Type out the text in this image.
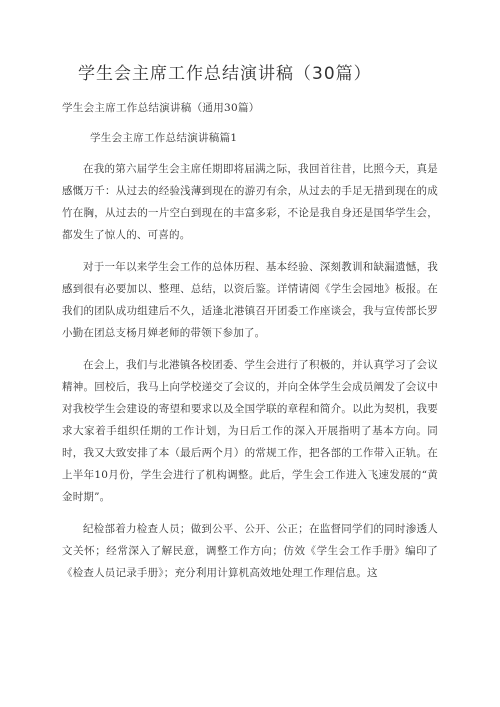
学生会主席工作总结演讲稿（30篇）
学生会主席工作总结演讲稿（通用30篇）
学生会主席工作总结演讲稿篇1

在我的第六届学生会主席任期即将届满之际，我回首往昔，比照今天，真是感慨万千：从过去的经验浅薄到现在的游刃有余，从过去的手足无措到现在的成竹在胸，从过去的一片空白到现在的丰富多彩，不论是我自身还是国华学生会，都发生了惊人的、可喜的。

对于一年以来学生会工作的总体历程、基本经验、深刻教训和缺漏遗憾，我感到很有必要加以、整理、总结，以资后鉴。详情请阅《学生会园地》板报。在我们的团队成功组建后不久，适逢北港镇召开团委工作座谈会，我与宣传部长罗小勤在团总支杨月婵老师的带领下参加了。

在会上，我们与北港镇各校团委、学生会进行了积极的，并认真学习了会议精神。回校后，我马上向学校递交了会议的，并向全体学生会成员阐发了会议中对我校学生会建设的寄望和要求以及全国学联的章程和简介。以此为契机，我要求大家着手组织任期的工作计划，为日后工作的深入开展指明了基本方向。同时，我又大致安排了本（最后两个月）的常规工作，把各部的工作带入正轨。在上半年10月份，学生会进行了机构调整。此后，学生会工作进入飞速发展的“黄金时期”。

纪检部着力检查人员；做到公平、公开、公正；在监督同学们的同时渗透人文关怀；经常深入了解民意，调整工作方向；仿效《学生会工作手册》编印了《检查人员记录手册》；充分利用计算机高效地处理工作理信息。这
